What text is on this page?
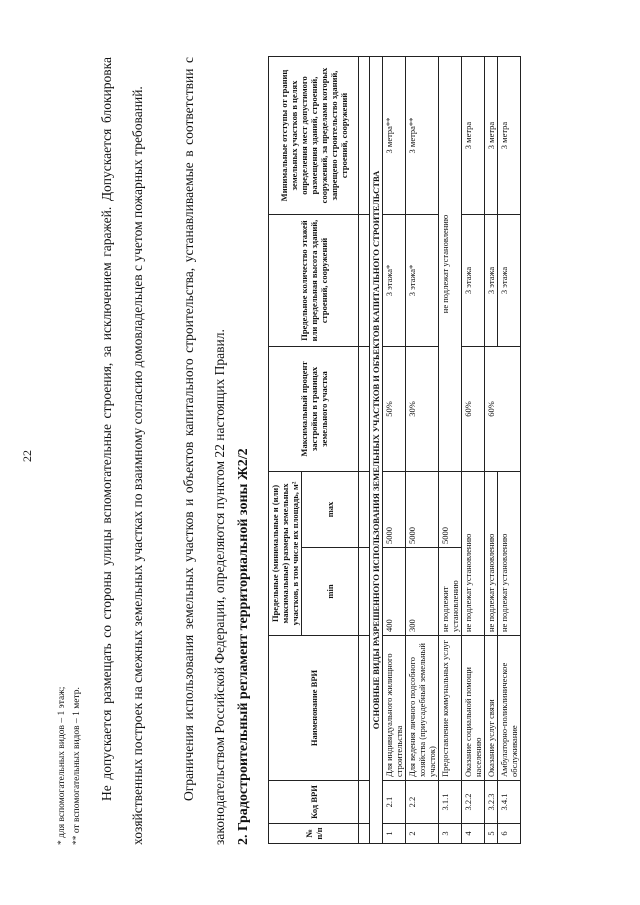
22
* для вспомогательных видов – 1 этаж; ** от вспомогательных видов – 1 метр.	Не допускается размещать со стороны улицы вспомогательные строения, за исключением гаражей. Допускается блокировка хозяйственных построек на смежных земельных участках по взаимному согласию домовладельцев с учетом пожарных требований.	Ограничения использования земельных участков и объектов капитального строительства, устанавливаемые в соответствии с законодательством Российской Федерации, определяются пунктом 22 настоящих Правил. 2. Градостроительный регламент территориальной зоны Ж2/2	№ п/п	Код ВРИ	Наименование ВРИ	Предельные (минимальные и (или) максимальные) размеры земельных участков, в том числе их площадь, м²		Максимальный процент застройки в границах земельного участка	Предельное количество этажей или предельная высота зданий, строений, сооружений	Минимальные отступы от границ земельных участков в целях определения мест допустимого размещения зданий, строений, сооружений, за пределами которых запрещено строительство зданий, строений, сооружений
			min	max			

ОСНОВНЫЕ ВИДЫ РАЗРЕШЕННОГО ИСПОЛЬЗОВАНИЯ ЗЕМЕЛЬНЫХ УЧАСТКОВ И ОБЪЕКТОВ КАПИТАЛЬНОГО СТРОИТЕЛЬСТВА							
1	2.1	Для индивидуального жилищного строительства	400	5000	50%	3 этажа*	3 метра**
2	2.2	Для ведения личного подсобного хозяйства (приусадебный земельный участок)	300	5000	30%	3 этажа*	3 метра**
3	3.1.1	Предоставление коммунальных услуг	не подлежит установлению	5000	не подлежат установлению		
4	3.2.2	Оказание социальной помощи населению	не подлежат установлению		60%	3 этажа	3 метра
5	3.2.3	Оказание услуг связи	не подлежат установлению		60%	3 этажа	3 метра
6	3.4.1	Амбулаторно-поликлиническое обслуживание	не подлежат установлению			3 этажа	3 метра
